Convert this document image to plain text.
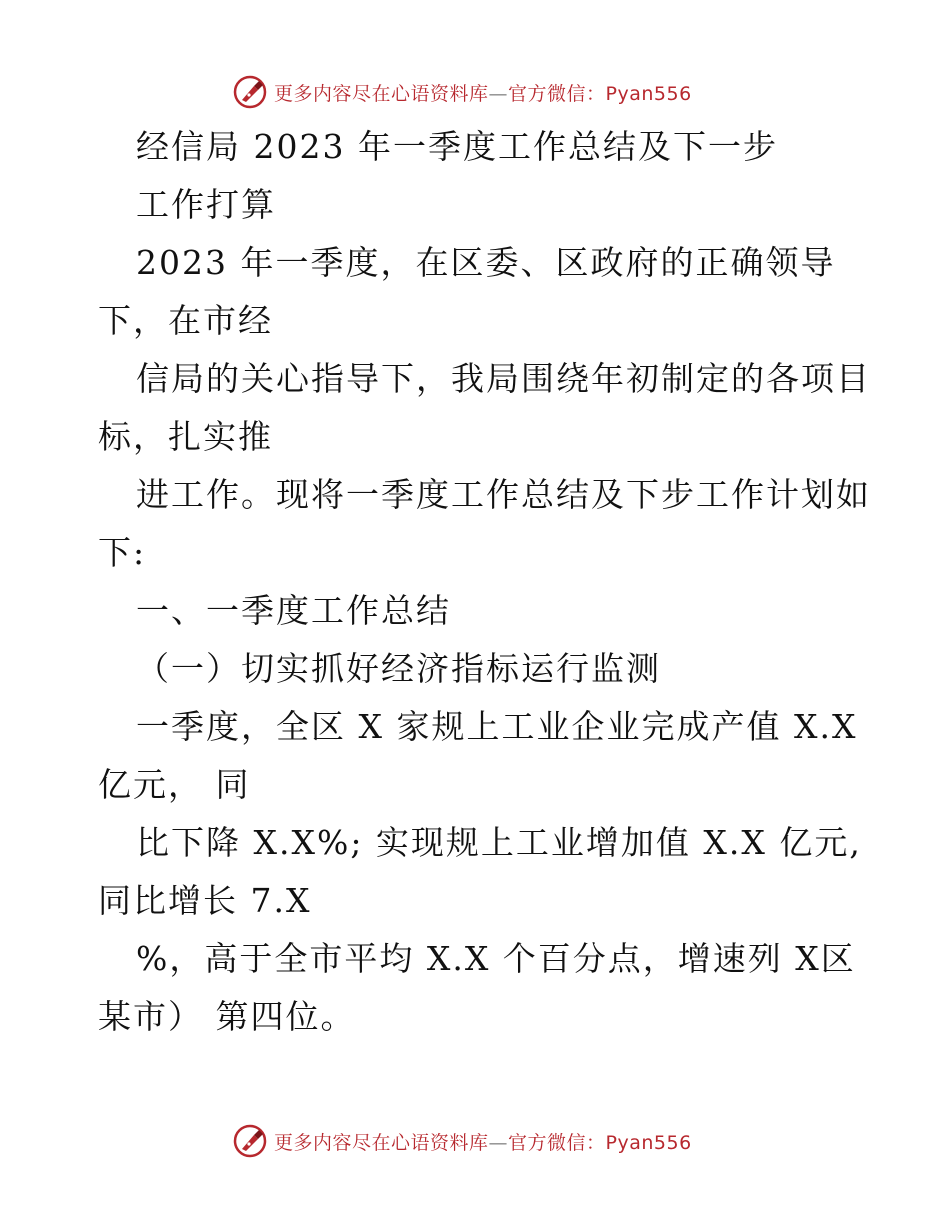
更多内容尽在心语资料库—官方微信：Pyan556
经信局 2023 年一季度工作总结及下一步
工作打算
2023 年一季度，在区委、区政府的正确领导
下，在市经
信局的关心指导下，我局围绕年初制定的各项目
标，扎实推
进工作。现将一季度工作总结及下步工作计划如
下:
一、一季度工作总结
（一）切实抓好经济指标运行监测
一季度，全区 X 家规上工业企业完成产值 X.X
亿元， 同
比下降 X.X%; 实现规上工业增加值 X.X 亿元,
同比增长 7.X
%，高于全市平均 X.X 个百分点，增速列 X区
某市） 第四位。
更多内容尽在心语资料库—官方微信：Pyan556
